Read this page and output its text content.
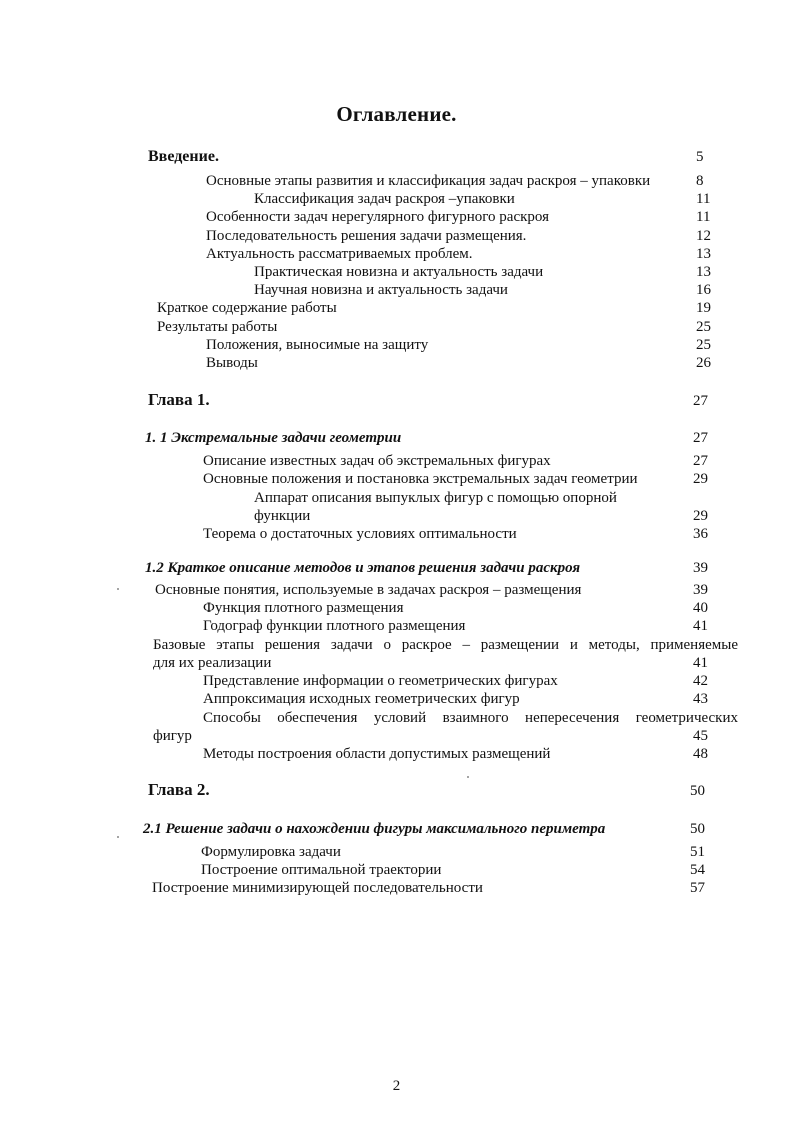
Оглавление.
Введение.	5
Основные этапы развития и классификация задач раскроя – упаковки	8
Классификация задач раскроя –упаковки	11
Особенности задач нерегулярного фигурного раскроя	11
Последовательность решения задачи размещения.	12
Актуальность рассматриваемых проблем.	13
Практическая новизна и актуальность задачи	13
Научная новизна и актуальность задачи	16
Краткое содержание работы	19
Результаты работы	25
Положения, выносимые на защиту	25
Выводы	26
Глава 1.	27
1. 1 Экстремальные задачи геометрии	27
Описание известных задач об экстремальных фигурах	27
Основные положения и постановка экстремальных задач геометрии	29
Аппарат описания выпуклых фигур с помощью опорной
функции	29
Теорема о достаточных условиях оптимальности	36
1.2 Краткое описание методов и этапов решения задачи раскроя	39
Основные понятия, используемые в задачах раскроя – размещения	39
Функция плотного размещения	40
Годограф функции плотного размещения	41
Базовые этапы решения задачи о раскрое – размещении и методы, применяемые
для их реализации	41
Представление информации о геометрических фигурах	42
Аппроксимация исходных геометрических фигур	43
Способы обеспечения условий взаимного непересечения геометрических
фигур	45
Методы построения области допустимых размещений	48
Глава 2.	50
2.1 Решение задачи о нахождении фигуры максимального периметра	50
Формулировка задачи	51
Построение оптимальной траектории	54
Построение минимизирующей последовательности	57
2
